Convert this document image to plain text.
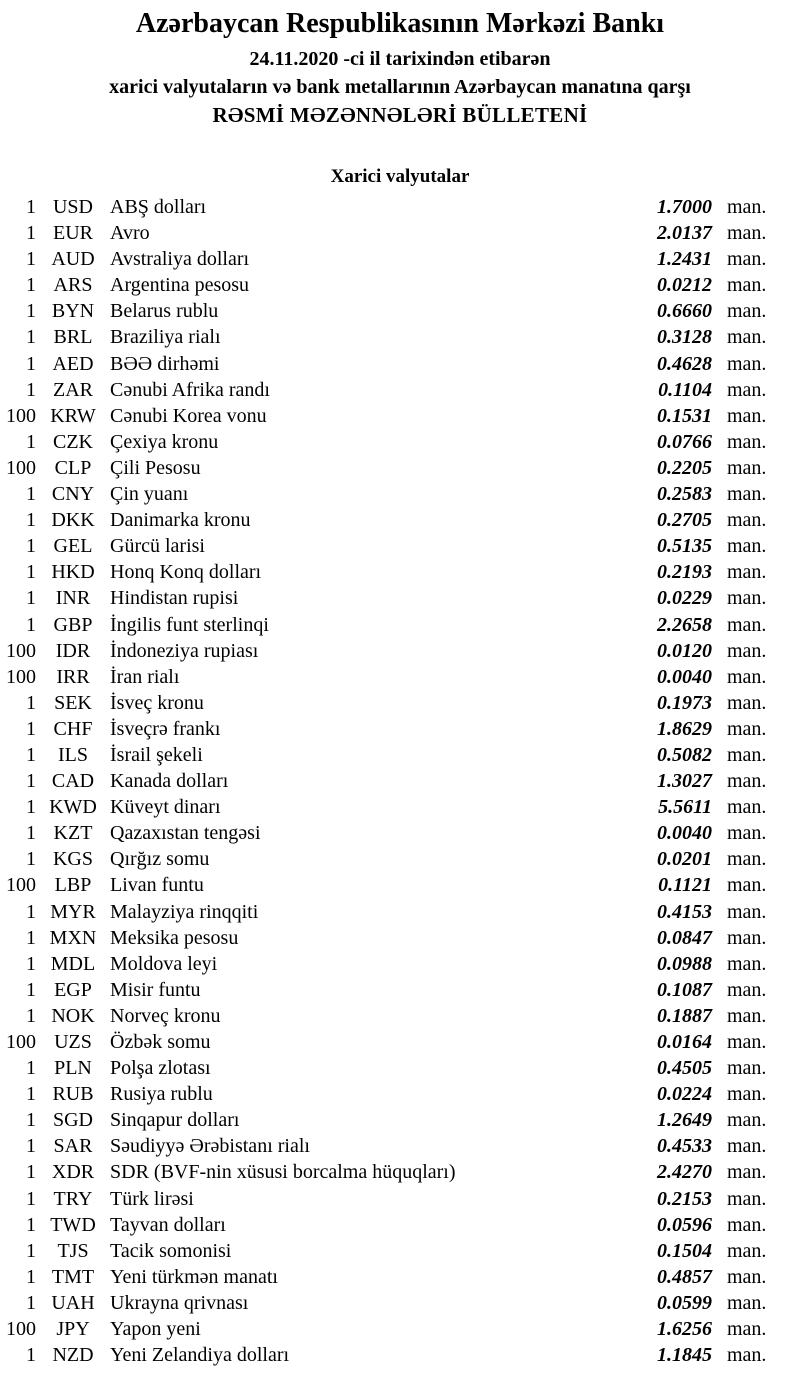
Azərbaycan Respublikasının Mərkəzi Bankı
24.11.2020 -ci il tarixindən etibarən
xarici valyutaların və bank metallarının Azərbaycan manatına qarşı
RƏSMİ MƏZƏNNƏLƏRİ BÜLLETENİ
Xarici valyutalar
1 USD ABŞ dolları	1.7000 man.
1 EUR Avro	2.0137 man.
1 AUD Avstraliya dolları	1.2431 man.
1 ARS Argentina pesosu	0.0212 man.
1 BYN Belarus rublu	0.6660 man.
1 BRL Braziliya rialı	0.3128 man.
1 AED BƏƏ dirhəmi	0.4628 man.
1 ZAR Cənubi Afrika randı	0.1104 man.
100 KRW Cənubi Korea vonu	0.1531 man.
1 CZK Çexiya kronu	0.0766 man.
100 CLP Çili Pesosu	0.2205 man.
1 CNY Çin yuanı	0.2583 man.
1 DKK Danimarka kronu	0.2705 man.
1 GEL Gürcü larisi	0.5135 man.
1 HKD Honq Konq dolları	0.2193 man.
1 INR Hindistan rupisi	0.0229 man.
1 GBP İngilis funt sterlinqi	2.2658 man.
100 IDR İndoneziya rupiası	0.0120 man.
100	IRR	İran rialı	0.0040 man.
1 SEK İsveç kronu	0.1973 man.
1 CHF İsveçrə frankı	1.8629 man.
1	ILS	İsrail şekeli	0.5082 man.
1 CAD Kanada dolları	1.3027 man.
1 KWD Küveyt dinarı	5.5611 man.
1 KZT Qazaxıstan tengəsi	0.0040 man.
1 KGS Qırğız somu	0.0201 man.
100 LBP Livan funtu	0.1121 man.
1 MYR Malayziya rinqqiti	0.4153 man.
1 MXN Meksika pesosu	0.0847 man.
1 MDL Moldova leyi	0.0988 man.
1 EGP Misir funtu	0.1087 man.
1 NOK Norveç kronu	0.1887 man.
100 UZS Özbək somu	0.0164 man.
1 PLN Polşa zlotası	0.4505 man.
1 RUB Rusiya rublu	0.0224 man.
1 SGD Sinqapur dolları	1.2649 man.
1 SAR Səudiyyə Ərəbistanı rialı	0.4533 man.
1 XDR SDR (BVF-nin xüsusi borcalma hüquqları)	2.4270 man.
1 TRY Türk lirəsi	0.2153 man.
1 TWD Tayvan dolları	0.0596 man.
1	TJS	Tacik somonisi	0.1504 man.
1 TMT Yeni türkmən manatı	0.4857 man.
1 UAH Ukrayna qrivnası	0.0599 man.
100	JPY	Yapon yeni	1.6256 man.
1 NZD Yeni Zelandiya dolları	1.1845 man.
